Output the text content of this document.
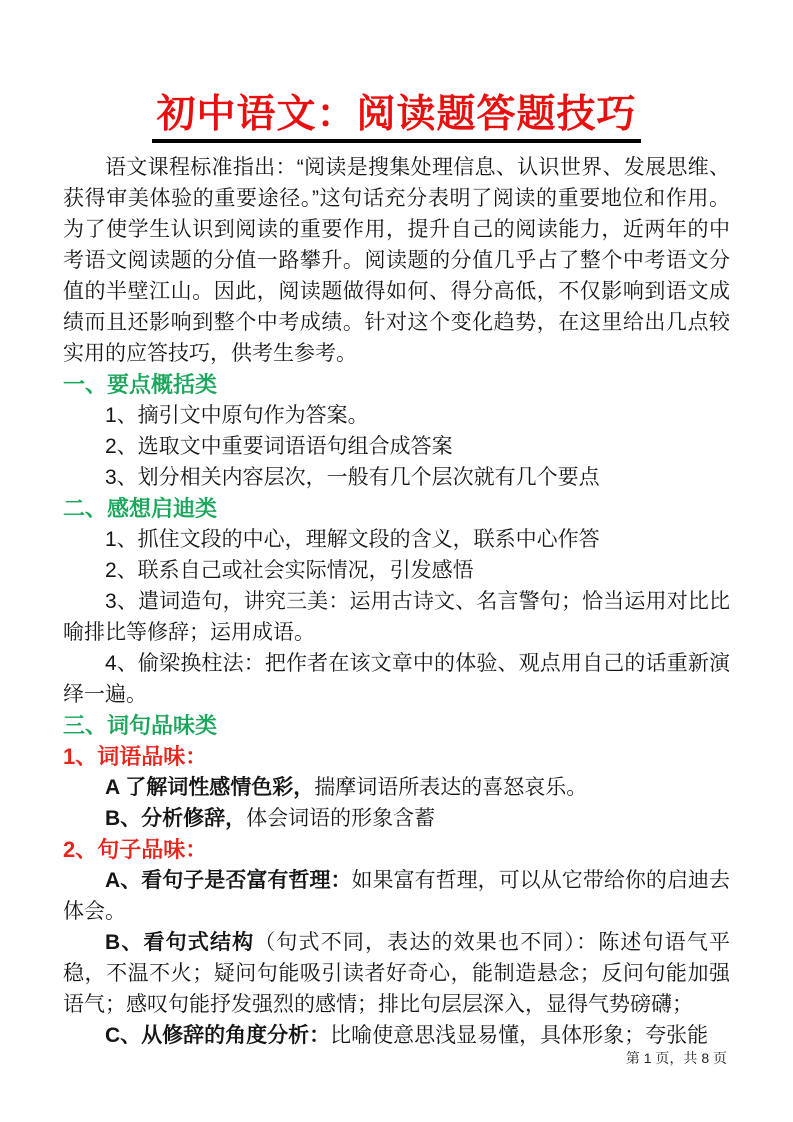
初中语文：阅读题答题技巧
语文课程标准指出：“阅读是搜集处理信息、认识世界、发展思维、获得审美体验的重要途径。”这句话充分表明了阅读的重要地位和作用。为了使学生认识到阅读的重要作用，提升自己的阅读能力，近两年的中考语文阅读题的分值一路攀升。阅读题的分值几乎占了整个中考语文分值的半壁江山。因此，阅读题做得如何、得分高低，不仅影响到语文成绩而且还影响到整个中考成绩。针对这个变化趋势，在这里给出几点较实用的应答技巧，供考生参考。
一、要点概括类
1、摘引文中原句作为答案。
2、选取文中重要词语语句组合成答案
3、划分相关内容层次，一般有几个层次就有几个要点
二、感想启迪类
1、抓住文段的中心，理解文段的含义，联系中心作答
2、联系自己或社会实际情况，引发感悟
3、遣词造句，讲究三美：运用古诗文、名言警句；恰当运用对比比喻排比等修辞；运用成语。
4、偷梁换柱法：把作者在该文章中的体验、观点用自己的话重新演绎一遍。
三、词句品味类
1、词语品味：
A 了解词性感情色彩，揣摩词语所表达的喜怒哀乐。
B、分析修辞，体会词语的形象含蓄
2、句子品味：
A、看句子是否富有哲理：如果富有哲理，可以从它带给你的启迪去体会。
B、看句式结构（句式不同，表达的效果也不同）：陈述句语气平稳，不温不火；疑问句能吸引读者好奇心，能制造悬念；反问句能加强语气；感叹句能抒发强烈的感情；排比句层层深入，显得气势磅礴；
C、从修辞的角度分析：比喻使意思浅显易懂，具体形象；夸张能
第 1 页，共 8 页
